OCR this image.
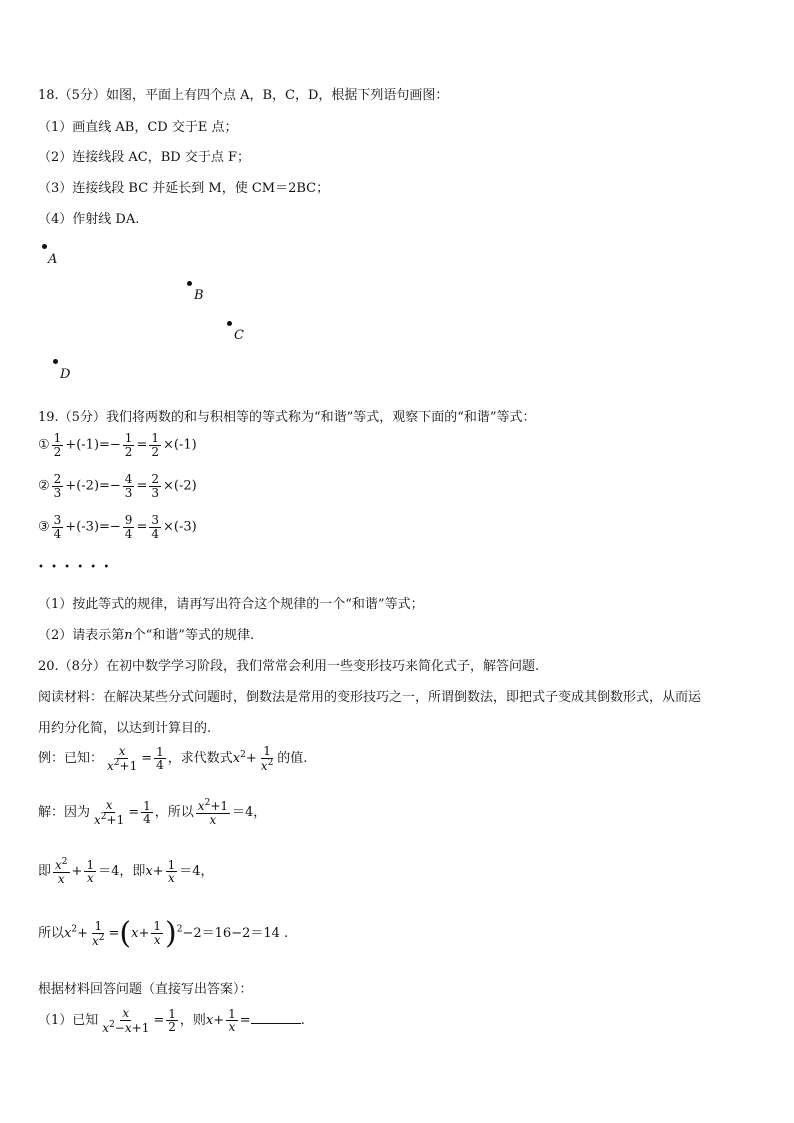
18.（5分）如图，平面上有四个点 A，B，C，D，根据下列语句画图：
（1）画直线 AB，CD 交于E 点；
（2）连接线段 AC，BD 交于点 F；
（3）连接线段 BC 并延长到 M，使 CM＝2BC；
（4）作射线 DA.
A
B
C
D
19.（5分）我们将两数的和与积相等的等式称为“和谐”等式，观察下面的“和谐”等式：
① $\frac{1}{2} +(-1)=- \frac{1}{2} = \frac{1}{2} \times(-1)$
② $\frac{2}{3} +(-2)=- \frac{4}{3} = \frac{2}{3} \times(-2)$
③ $\frac{3}{4} +(-3)=- \frac{9}{4} = \frac{3}{4} \times(-3)$
• • • • • •
（1）按此等式的规律，请再写出符合这个规律的一个“和谐”等式；
（2）请表示第n个“和谐”等式的规律.
20.（8分）在初中数学学习阶段，我们常常会利用一些变形技巧来简化式子，解答问题.
阅读材料：在解决某些分式问题时，倒数法是常用的变形技巧之一，所谓倒数法，即把式子变成其倒数形式，从而运
用约分化简，以达到计算目的.
例：已知： $\frac{x}{x^2+1} = \frac{1}{4}$ ，求代数式$x^2+ \frac{1}{x^2}$ 的值.
解：因为 $\frac{x}{x^2+1} = \frac{1}{4}$ ，所以 $\frac{x^2+1}{x} =4$，
即 $\frac{x^2}{x} + \frac{1}{x} =4$，即$x+ \frac{1}{x} =4$，
所以$x^2+ \frac{1}{x^2} =(x+ \frac{1}{x} )^2-2=16-2=14$ .
根据材料回答问题（直接写出答案）：
（1）已知 $\frac{x}{x^2-x+1} = \frac{1}{2}$ ，则$x+ \frac{1}{x}$ =	.
